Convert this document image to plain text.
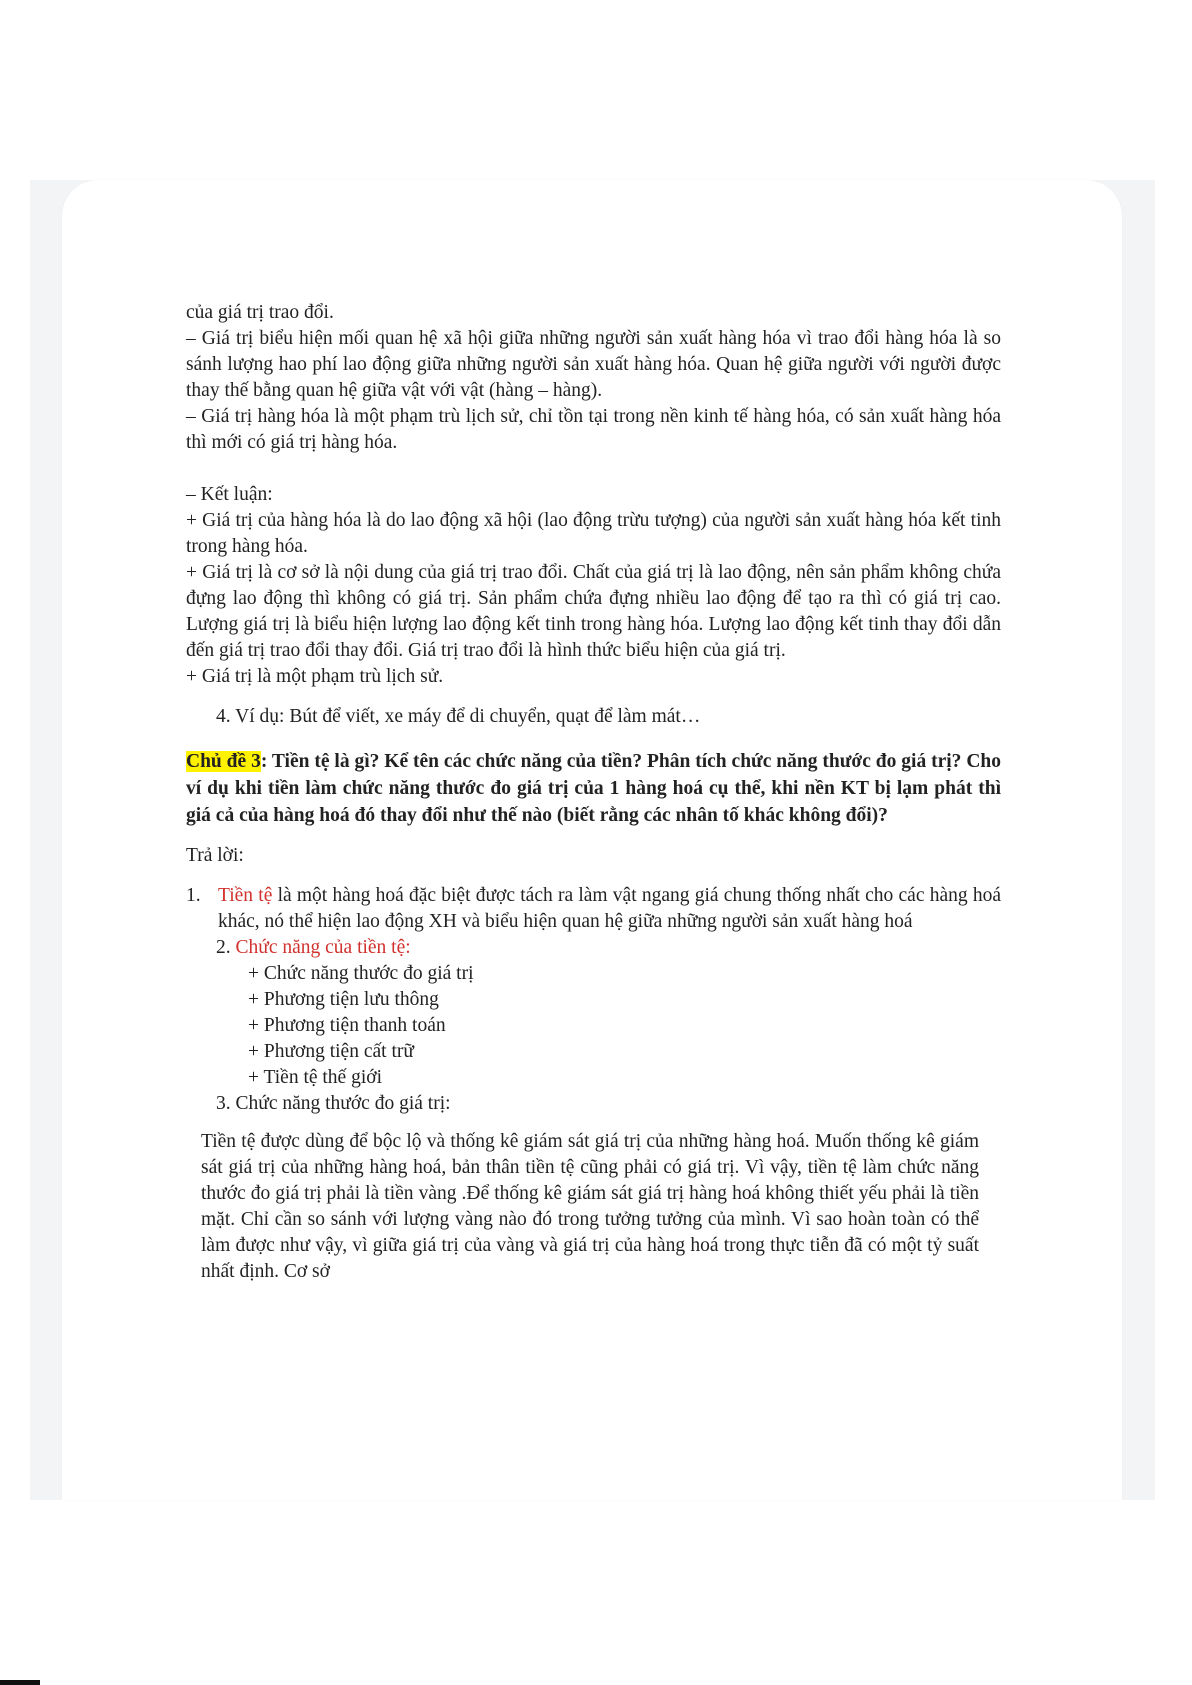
của giá trị trao đổi.

– Giá trị biểu hiện mối quan hệ xã hội giữa những người sản xuất hàng hóa vì trao đổi hàng hóa là so sánh lượng hao phí lao động giữa những người sản xuất hàng hóa. Quan hệ giữa người với người được thay thế bằng quan hệ giữa vật với vật (hàng – hàng).

– Giá trị hàng hóa là một phạm trù lịch sử, chỉ tồn tại trong nền kinh tế hàng hóa, có sản xuất hàng hóa thì mới có giá trị hàng hóa.

– Kết luận:

+ Giá trị của hàng hóa là do lao động xã hội (lao động trừu tượng) của người sản xuất hàng hóa kết tinh trong hàng hóa.

+ Giá trị là cơ sở là nội dung của giá trị trao đổi. Chất của giá trị là lao động, nên sản phẩm không chứa đựng lao động thì không có giá trị. Sản phẩm chứa đựng nhiều lao động để tạo ra thì có giá trị cao. Lượng giá trị là biểu hiện lượng lao động kết tinh trong hàng hóa. Lượng lao động kết tinh thay đổi dẫn đến giá trị trao đổi thay đổi. Giá trị trao đổi là hình thức biểu hiện của giá trị.

+ Giá trị là một phạm trù lịch sử.

4. Ví dụ: Bút để viết, xe máy để di chuyển, quạt để làm mát…

Chủ đề 3: Tiền tệ là gì? Kể tên các chức năng của tiền? Phân tích chức năng thước đo giá trị? Cho ví dụ khi tiền làm chức năng thước đo giá trị của 1 hàng hoá cụ thể, khi nền KT bị lạm phát thì giá cả của hàng hoá đó thay đổi như thế nào (biết rằng các nhân tố khác không đổi)?

Trả lời:

1. Tiền tệ là một hàng hoá đặc biệt được tách ra làm vật ngang giá chung thống nhất cho các hàng hoá khác, nó thể hiện lao động XH và biểu hiện quan hệ giữa những người sản xuất hàng hoá

2. Chức năng của tiền tệ:

+ Chức năng thước đo giá trị

+ Phương tiện lưu thông

+ Phương tiện thanh toán

+ Phương tiện cất trữ

+ Tiền tệ thế giới

3. Chức năng thước đo giá trị:

Tiền tệ được dùng để bộc lộ và thống kê giám sát giá trị của những hàng hoá. Muốn thống kê giám sát giá trị của những hàng hoá, bản thân tiền tệ cũng phải có giá trị. Vì vậy, tiền tệ làm chức năng thước đo giá trị phải là tiền vàng .Để thống kê giám sát giá trị hàng hoá không thiết yếu phải là tiền mặt. Chỉ cần so sánh với lượng vàng nào đó trong tưởng tưởng của mình. Vì sao hoàn toàn có thể làm được như vậy, vì giữa giá trị của vàng và giá trị của hàng hoá trong thực tiễn đã có một tỷ suất nhất định. Cơ sở
